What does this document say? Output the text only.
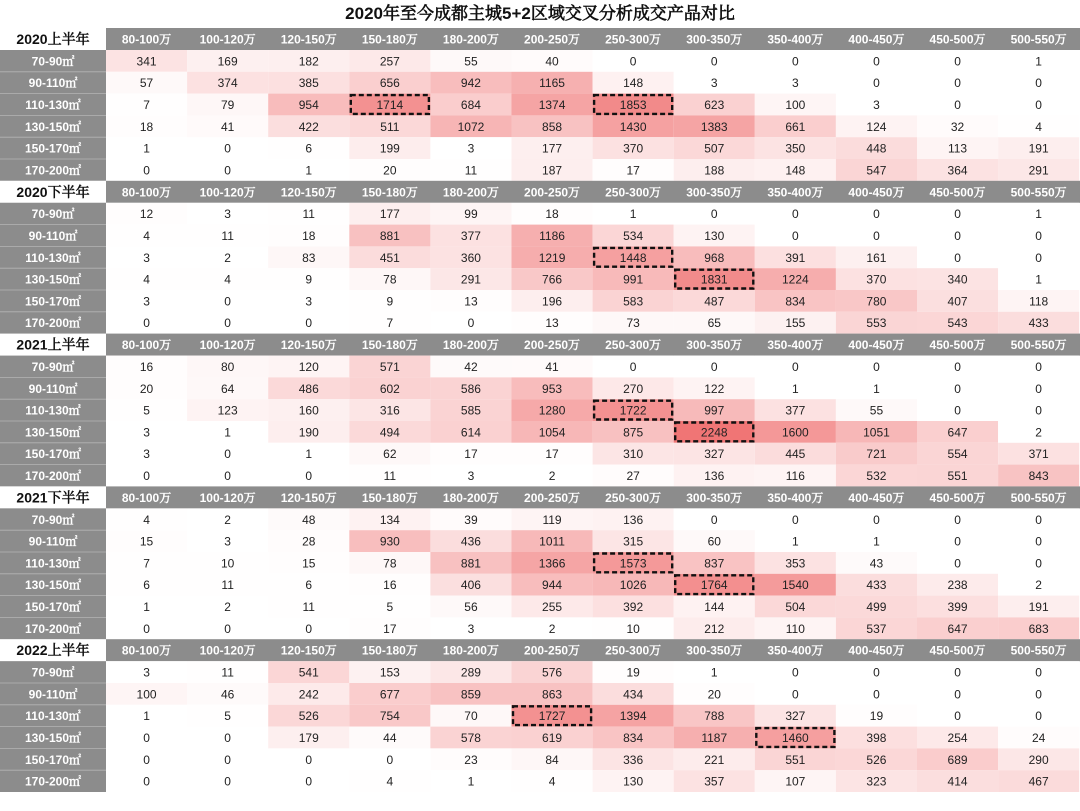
2020年至今成都主城5+2区域交叉分析成交产品对比
2020上半年	80-100万 100-120万 120-150万 150-180万 180-200万 200-250万 250-300万 300-350万 350-400万 400-450万 450-500万 500-550万
70-90㎡	341	169	182	257	55	40	0	0	0	0	0	1
90-110㎡	57	374	385	656	942	1165	148	3	3	0	0	0
110-130㎡	7	79	954	1714	684	1374	1853	623	100	3	0	0
130-150㎡	18	41	422	511	1072	858	1430	1383	661	124	32	4
150-170㎡	1	0	6	199	3	177	370	507	350	448	113	191
170-200㎡	0	0	1	20	11	187	17	188	148	547	364	291
2020下半年	80-100万 100-120万 120-150万 150-180万 180-200万 200-250万 250-300万 300-350万 350-400万 400-450万 450-500万 500-550万
70-90㎡	12	3	11	177	99	18	1	0	0	0	0	1
90-110㎡	4	11	18	881	377	1186	534	130	0	0	0	0
110-130㎡	3	2	83	451	360	1219	1448	968	391	161	0	0
130-150㎡	4	4	9	78	291	766	991	1831	1224	370	340	1
150-170㎡	3	0	3	9	13	196	583	487	834	780	407	118
170-200㎡	0	0	0	7	0	13	73	65	155	553	543	433
2021上半年	80-100万 100-120万 120-150万 150-180万 180-200万 200-250万 250-300万 300-350万 350-400万 400-450万 450-500万 500-550万
70-90㎡	16	80	120	571	42	41	0	0	0	0	0	0
90-110㎡	20	64	486	602	586	953	270	122	1	1	0	0
110-130㎡	5	123	160	316	585	1280	1722	997	377	55	0	0
130-150㎡	3	1	190	494	614	1054	875	2248	1600	1051	647	2
150-170㎡	3	0	1	62	17	17	310	327	445	721	554	371
170-200㎡	0	0	0	11	3	2	27	136	116	532	551	843
2021下半年	80-100万 100-120万 120-150万 150-180万 180-200万 200-250万 250-300万 300-350万 350-400万 400-450万 450-500万 500-550万
70-90㎡	4	2	48	134	39	119	136	0	0	0	0	0
90-110㎡	15	3	28	930	436	1011	315	60	1	1	0	0
110-130㎡	7	10	15	78	881	1366	1573	837	353	43	0	0
130-150㎡	6	11	6	16	406	944	1026	1764	1540	433	238	2
150-170㎡	1	2	11	5	56	255	392	144	504	499	399	191
170-200㎡	0	0	0	17	3	2	10	212	110	537	647	683
2022上半年	80-100万 100-120万 120-150万 150-180万 180-200万 200-250万 250-300万 300-350万 350-400万 400-450万 450-500万 500-550万
70-90㎡	3	11	541	153	289	576	19	1	0	0	0	0
90-110㎡	100	46	242	677	859	863	434	20	0	0	0	0
110-130㎡	1	5	526	754	70	1727	1394	788	327	19	0	0
130-150㎡	0	0	179	44	578	619	834	1187	1460	398	254	24
150-170㎡	0	0	0	0	23	84	336	221	551	526	689	290
170-200㎡	0	0	0	4	1	4	130	357	107	323	414	467
